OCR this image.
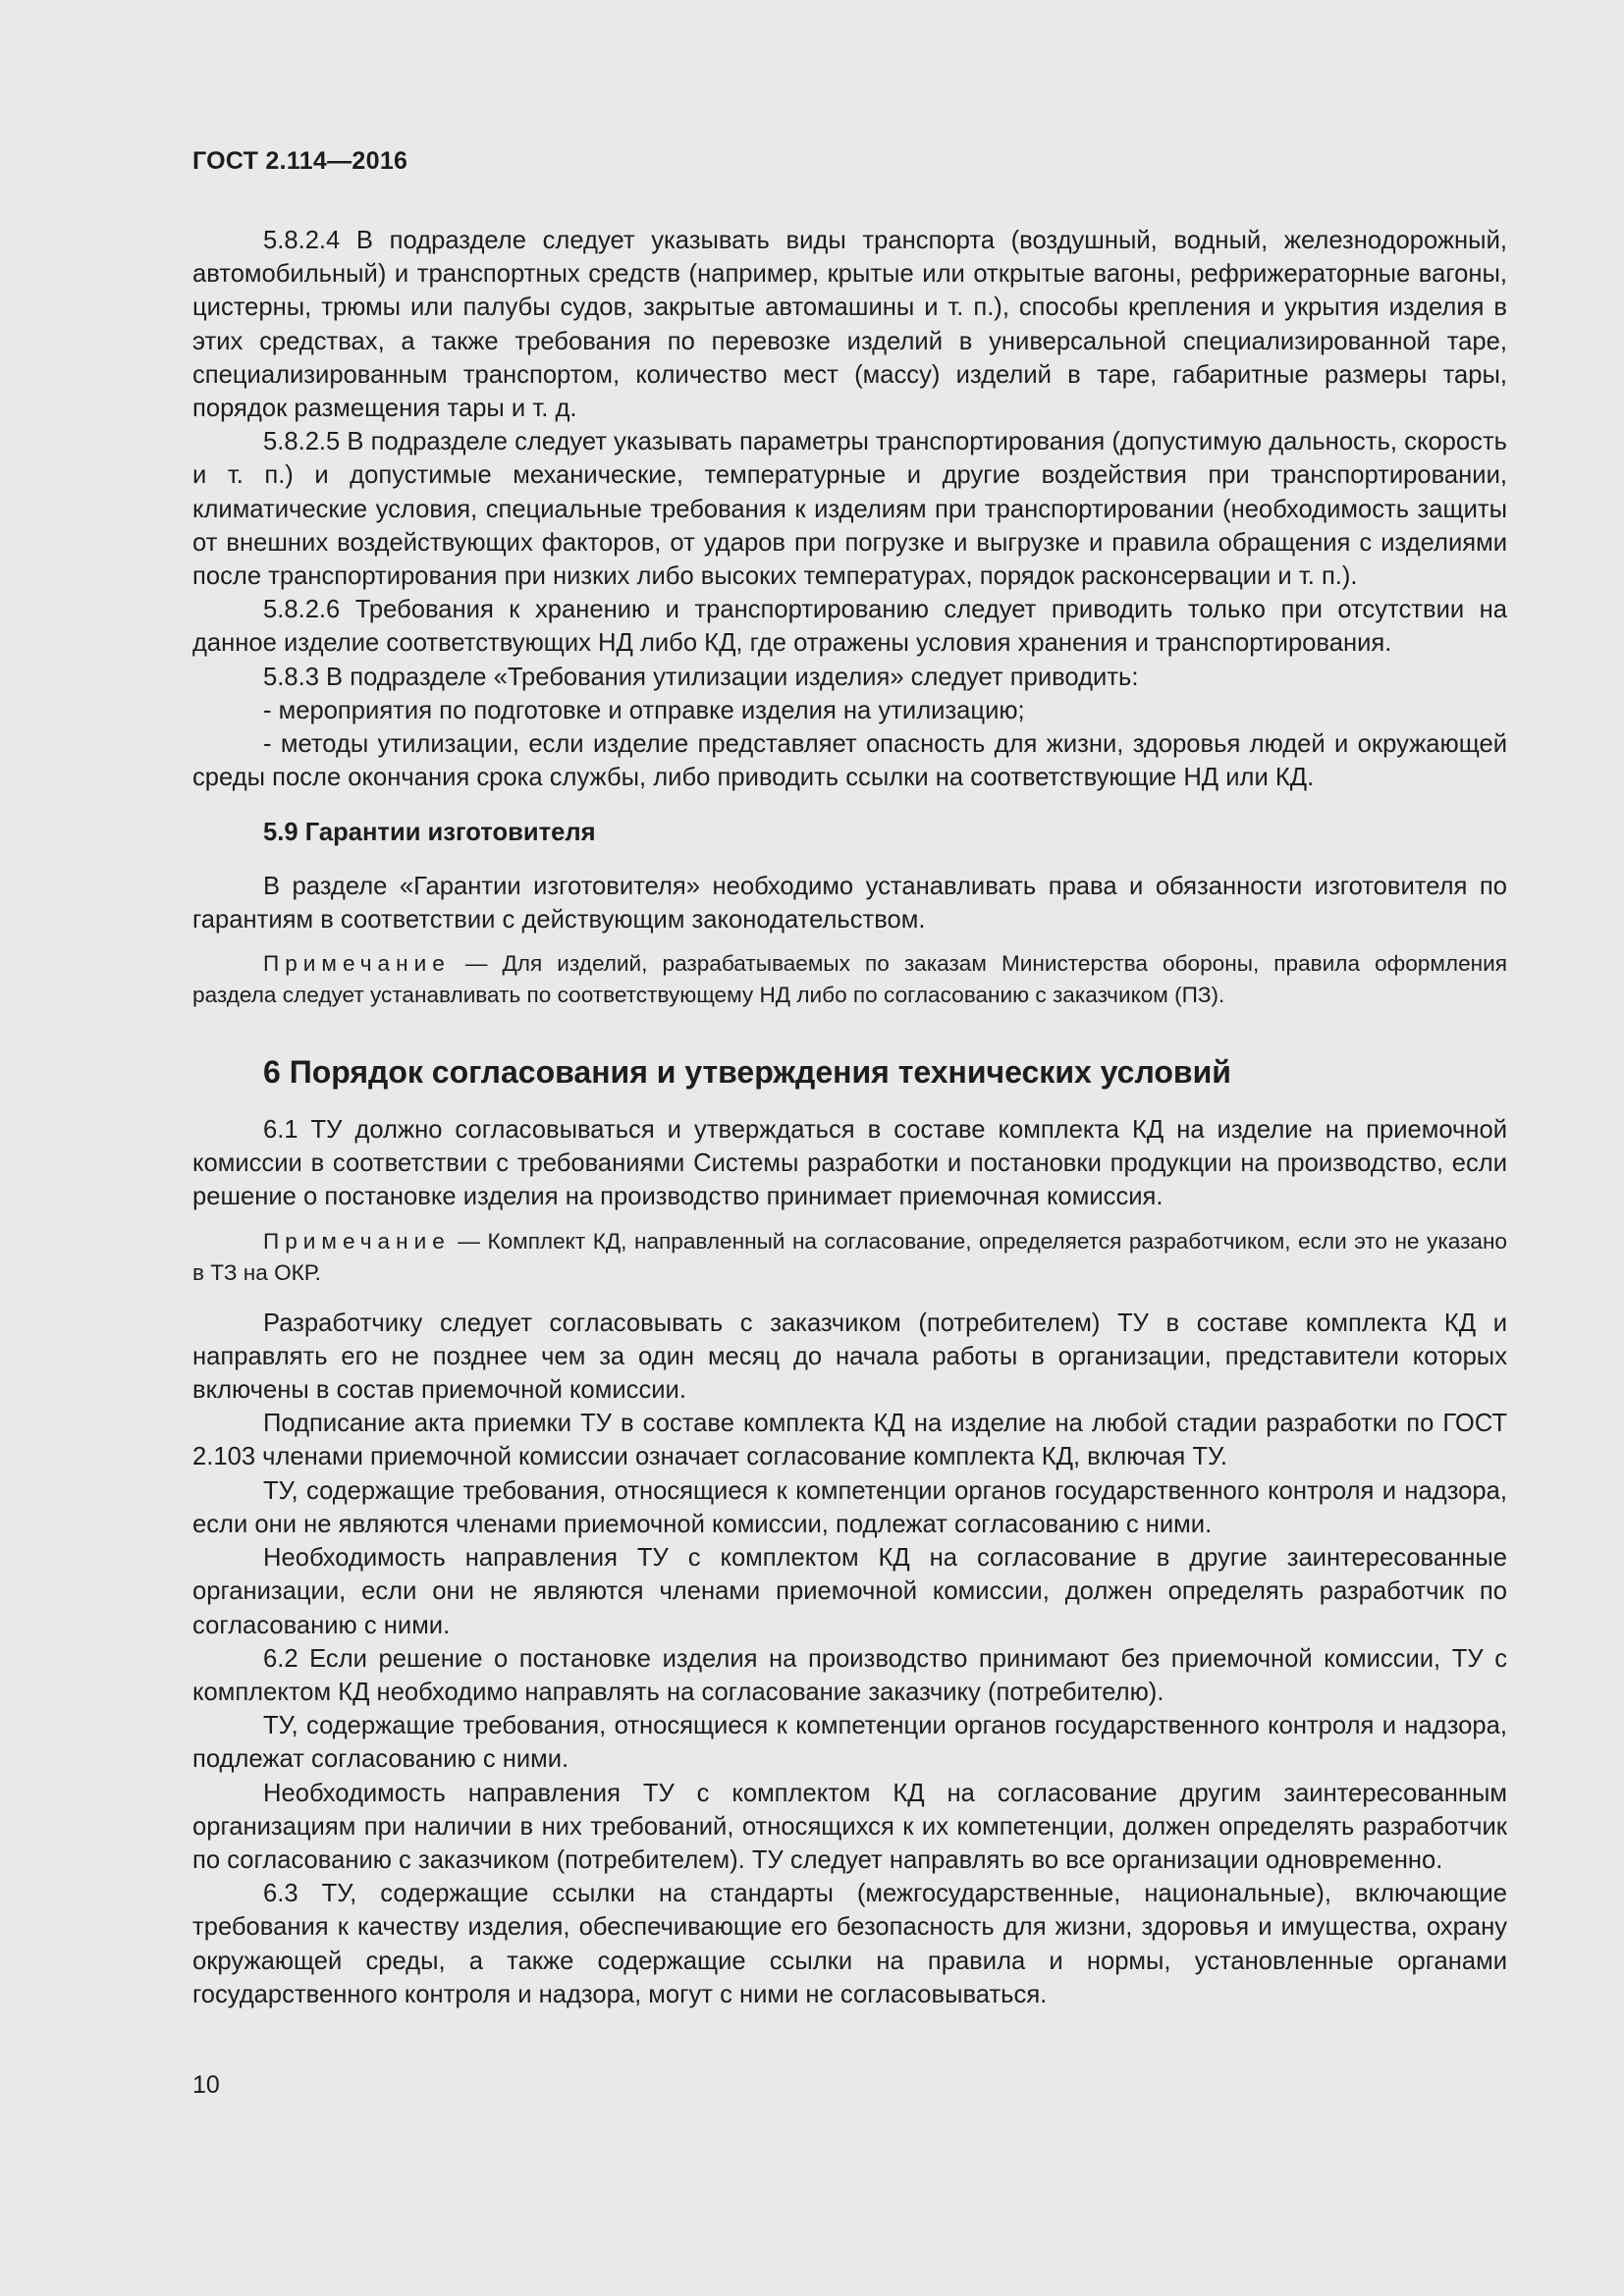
ГОСТ 2.114—2016

5.8.2.4 В подразделе следует указывать виды транспорта (воздушный, водный, железнодорожный, автомобильный) и транспортных средств (например, крытые или открытые вагоны, рефрижераторные вагоны, цистерны, трюмы или палубы судов, закрытые автомашины и т. п.), способы крепления и укрытия изделия в этих средствах, а также требования по перевозке изделий в универсальной специализированной таре, специализированным транспортом, количество мест (массу) изделий в таре, габаритные размеры тары, порядок размещения тары и т. д.

5.8.2.5 В подразделе следует указывать параметры транспортирования (допустимую дальность, скорость и т. п.) и допустимые механические, температурные и другие воздействия при транспортировании, климатические условия, специальные требования к изделиям при транспортировании (необходимость защиты от внешних воздействующих факторов, от ударов при погрузке и выгрузке и правила обращения с изделиями после транспортирования при низких либо высоких температурах, порядок расконсервации и т. п.).

5.8.2.6 Требования к хранению и транспортированию следует приводить только при отсутствии на данное изделие соответствующих НД либо КД, где отражены условия хранения и транспортирования.

5.8.3 В подразделе «Требования утилизации изделия» следует приводить:

- мероприятия по подготовке и отправке изделия на утилизацию;

- методы утилизации, если изделие представляет опасность для жизни, здоровья людей и окружающей среды после окончания срока службы, либо приводить ссылки на соответствующие НД или КД.

5.9 Гарантии изготовителя

В разделе «Гарантии изготовителя» необходимо устанавливать права и обязанности изготовителя по гарантиям в соответствии с действующим законодательством.

Примечание — Для изделий, разрабатываемых по заказам Министерства обороны, правила оформления раздела следует устанавливать по соответствующему НД либо по согласованию с заказчиком (ПЗ).

6 Порядок согласования и утверждения технических условий

6.1 ТУ должно согласовываться и утверждаться в составе комплекта КД на изделие на приемочной комиссии в соответствии с требованиями Системы разработки и постановки продукции на производство, если решение о постановке изделия на производство принимает приемочная комиссия.

Примечание — Комплект КД, направленный на согласование, определяется разработчиком, если это не указано в ТЗ на ОКР.

Разработчику следует согласовывать с заказчиком (потребителем) ТУ в составе комплекта КД и направлять его не позднее чем за один месяц до начала работы в организации, представители которых включены в состав приемочной комиссии.

Подписание акта приемки ТУ в составе комплекта КД на изделие на любой стадии разработки по ГОСТ 2.103 членами приемочной комиссии означает согласование комплекта КД, включая ТУ.

ТУ, содержащие требования, относящиеся к компетенции органов государственного контроля и надзора, если они не являются членами приемочной комиссии, подлежат согласованию с ними.

Необходимость направления ТУ с комплектом КД на согласование в другие заинтересованные организации, если они не являются членами приемочной комиссии, должен определять разработчик по согласованию с ними.

6.2 Если решение о постановке изделия на производство принимают без приемочной комиссии, ТУ с комплектом КД необходимо направлять на согласование заказчику (потребителю).

ТУ, содержащие требования, относящиеся к компетенции органов государственного контроля и надзора, подлежат согласованию с ними.

Необходимость направления ТУ с комплектом КД на согласование другим заинтересованным организациям при наличии в них требований, относящихся к их компетенции, должен определять разработчик по согласованию с заказчиком (потребителем). ТУ следует направлять во все организации одновременно.

6.3 ТУ, содержащие ссылки на стандарты (межгосударственные, национальные), включающие требования к качеству изделия, обеспечивающие его безопасность для жизни, здоровья и имущества, охрану окружающей среды, а также содержащие ссылки на правила и нормы, установленные органами государственного контроля и надзора, могут с ними не согласовываться.

10
